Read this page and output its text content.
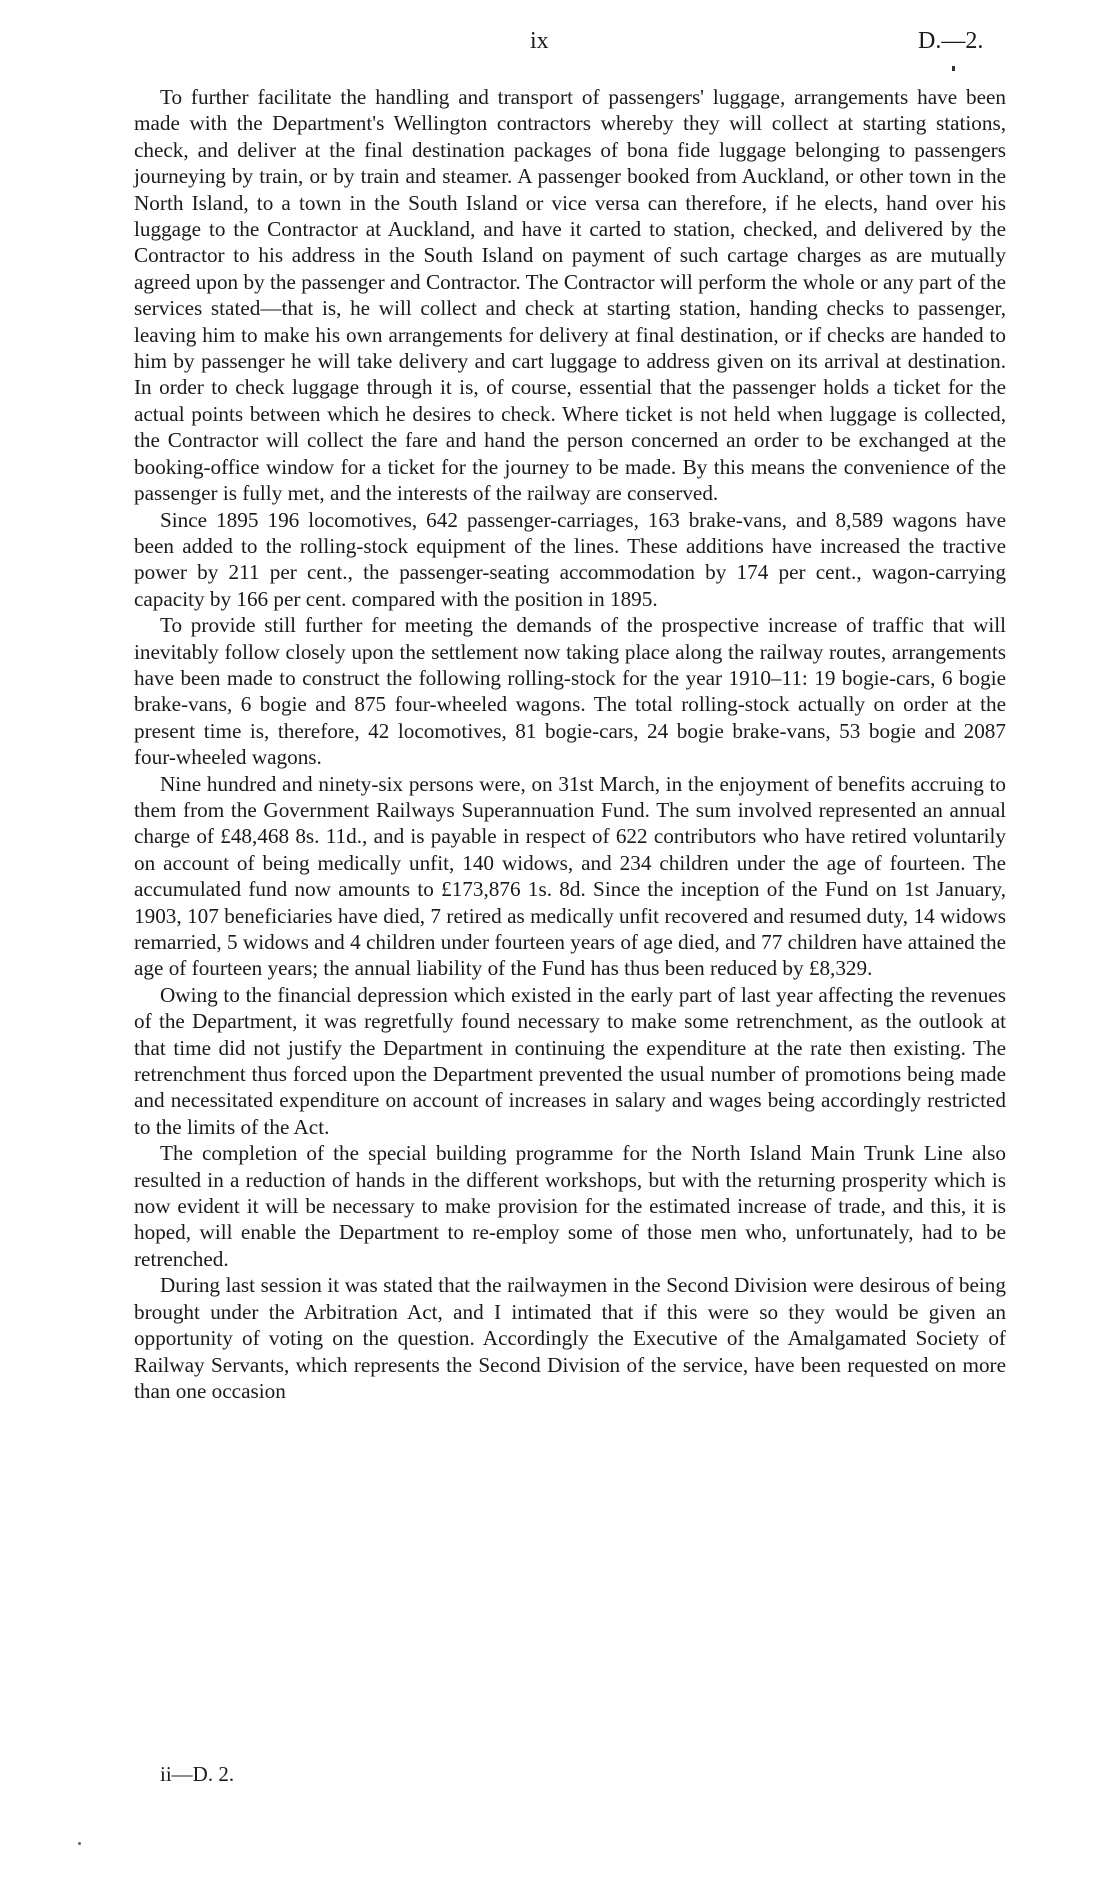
ix	D.—2.

To further facilitate the handling and transport of passengers' luggage, arrangements have been made with the Department's Wellington contractors whereby they will collect at starting stations, check, and deliver at the final destination packages of bona fide luggage belonging to passengers journeying by train, or by train and steamer. A passenger booked from Auckland, or other town in the North Island, to a town in the South Island or vice versa can therefore, if he elects, hand over his luggage to the Contractor at Auckland, and have it carted to station, checked, and delivered by the Contractor to his address in the South Island on payment of such cartage charges as are mutually agreed upon by the passenger and Contractor. The Contractor will perform the whole or any part of the services stated—that is, he will collect and check at starting station, handing checks to passenger, leaving him to make his own arrangements for delivery at final destination, or if checks are handed to him by passenger he will take delivery and cart luggage to address given on its arrival at destination. In order to check luggage through it is, of course, essential that the passenger holds a ticket for the actual points between which he desires to check. Where ticket is not held when luggage is collected, the Contractor will collect the fare and hand the person concerned an order to be exchanged at the booking-office window for a ticket for the journey to be made. By this means the convenience of the passenger is fully met, and the interests of the railway are conserved.

Since 1895 196 locomotives, 642 passenger-carriages, 163 brake-vans, and 8,589 wagons have been added to the rolling-stock equipment of the lines. These additions have increased the tractive power by 211 per cent., the passenger-seating accommodation by 174 per cent., wagon-carrying capacity by 166 per cent. compared with the position in 1895.

To provide still further for meeting the demands of the prospective increase of traffic that will inevitably follow closely upon the settlement now taking place along the railway routes, arrangements have been made to construct the following rolling-stock for the year 1910–11: 19 bogie-cars, 6 bogie brake-vans, 6 bogie and 875 four-wheeled wagons. The total rolling-stock actually on order at the present time is, therefore, 42 locomotives, 81 bogie-cars, 24 bogie brake-vans, 53 bogie and 2087 four-wheeled wagons.

Nine hundred and ninety-six persons were, on 31st March, in the enjoyment of benefits accruing to them from the Government Railways Superannuation Fund. The sum involved represented an annual charge of £48,468 8s. 11d., and is payable in respect of 622 contributors who have retired voluntarily on account of being medically unfit, 140 widows, and 234 children under the age of fourteen. The accumulated fund now amounts to £173,876 1s. 8d. Since the inception of the Fund on 1st January, 1903, 107 beneficiaries have died, 7 retired as medically unfit recovered and resumed duty, 14 widows remarried, 5 widows and 4 children under fourteen years of age died, and 77 children have attained the age of fourteen years; the annual liability of the Fund has thus been reduced by £8,329.

Owing to the financial depression which existed in the early part of last year affecting the revenues of the Department, it was regretfully found necessary to make some retrenchment, as the outlook at that time did not justify the Department in continuing the expenditure at the rate then existing. The retrenchment thus forced upon the Department prevented the usual number of promotions being made and necessitated expenditure on account of increases in salary and wages being accordingly restricted to the limits of the Act.

The completion of the special building programme for the North Island Main Trunk Line also resulted in a reduction of hands in the different workshops, but with the returning prosperity which is now evident it will be necessary to make provision for the estimated increase of trade, and this, it is hoped, will enable the Department to re-employ some of those men who, unfortunately, had to be retrenched.

During last session it was stated that the railwaymen in the Second Division were desirous of being brought under the Arbitration Act, and I intimated that if this were so they would be given an opportunity of voting on the question. Accordingly the Executive of the Amalgamated Society of Railway Servants, which represents the Second Division of the service, have been requested on more than one occasion

ii—D. 2.
